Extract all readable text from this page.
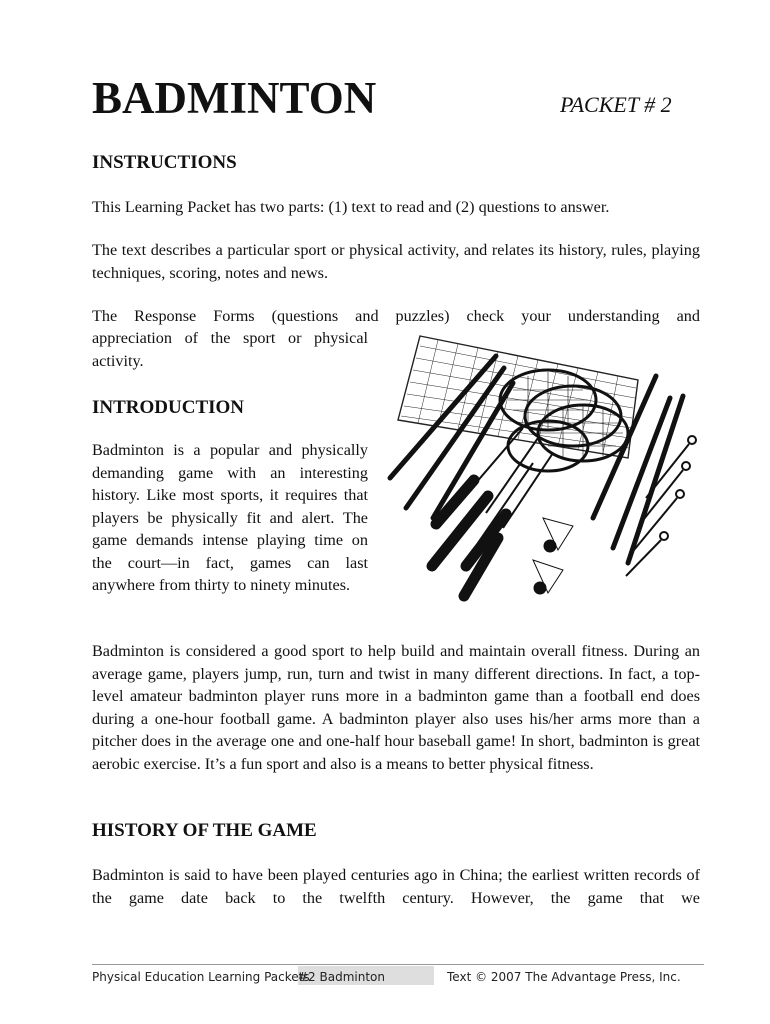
BADMINTON	PACKET # 2
INSTRUCTIONS

This Learning Packet has two parts: (1) text to read and (2) questions to answer.

The text describes a particular sport or physical activity, and relates its history, rules, playing techniques, scoring, notes and news.

The Response Forms (questions and puzzles) check your understanding and

appreciation of the sport or physical activity.

INTRODUCTION

Badminton is a popular and physically demanding game with an interesting history. Like most sports, it requires that players be physically fit and alert. The game demands intense playing time on the court—in fact, games can last anywhere from thirty to ninety minutes.

Badminton is considered a good sport to help build and maintain overall fitness. During an average game, players jump, run, turn and twist in many different directions. In fact, a top-level amateur badminton player runs more in a badminton game than a football end does during a one-hour football game. A badminton player also uses his/her arms more than a pitcher does in the average one and one-half hour baseball game! In short, badminton is great aerobic exercise. It’s a fun sport and also is a means to better physical fitness.

HISTORY OF THE GAME

Badminton is said to have been played centuries ago in China; the earliest written records of the game date back to the twelfth century. However, the game that we

Physical Education Learning Packets
#2 Badminton	Text © 2007 The Advantage Press, Inc.
